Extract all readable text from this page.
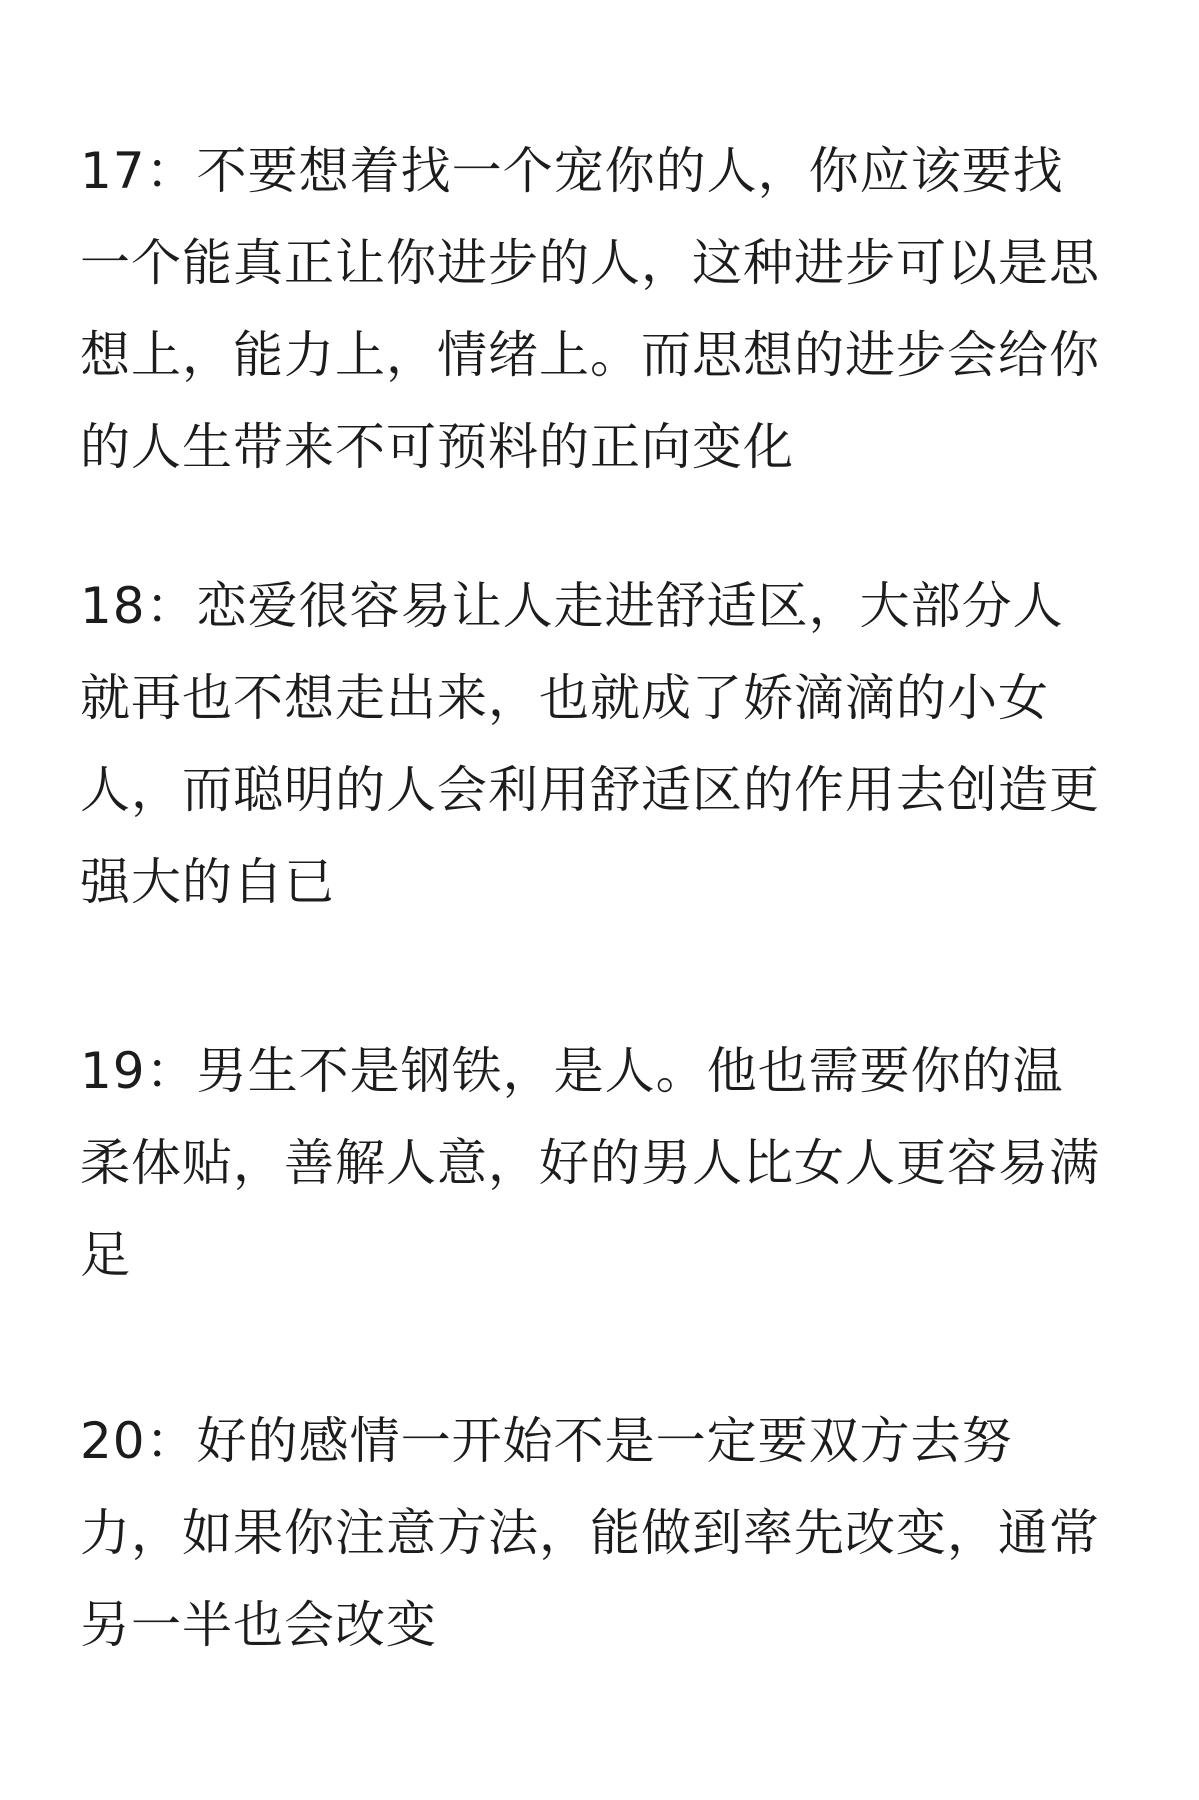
17：不要想着找一个宠你的人，你应该要找
一个能真正让你进步的人，这种进步可以是思
想上，能力上，情绪上。而思想的进步会给你
的人生带来不可预料的正向变化

18：恋爱很容易让人走进舒适区，大部分人
就再也不想走出来，也就成了娇滴滴的小女
人，而聪明的人会利用舒适区的作用去创造更
强大的自已

19：男生不是钢铁，是人。他也需要你的温
柔体贴，善解人意，好的男人比女人更容易满
足

20：好的感情一开始不是一定要双方去努
力，如果你注意方法，能做到率先改变，通常
另一半也会改变
